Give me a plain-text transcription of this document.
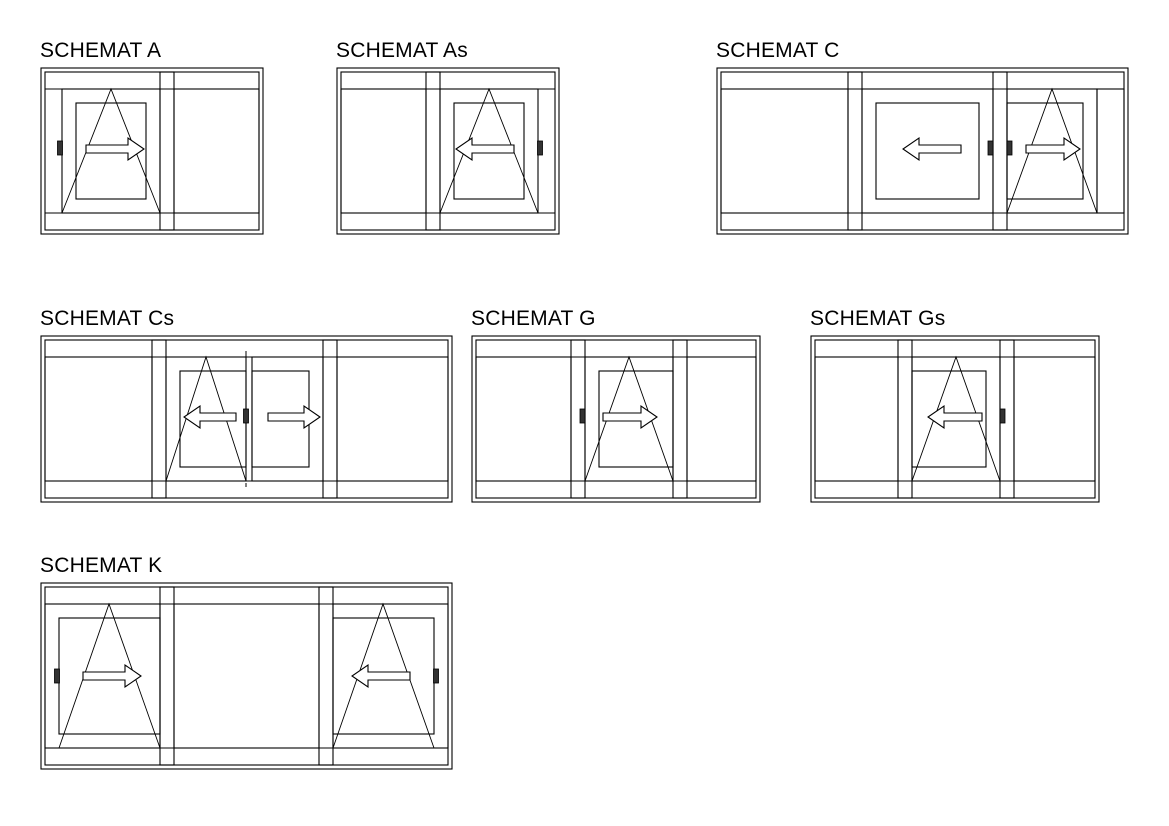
SCHEMAT A	SCHEMAT As	SCHEMAT C
SCHEMAT Cs	SCHEMAT G	SCHEMAT Gs
SCHEMAT K
